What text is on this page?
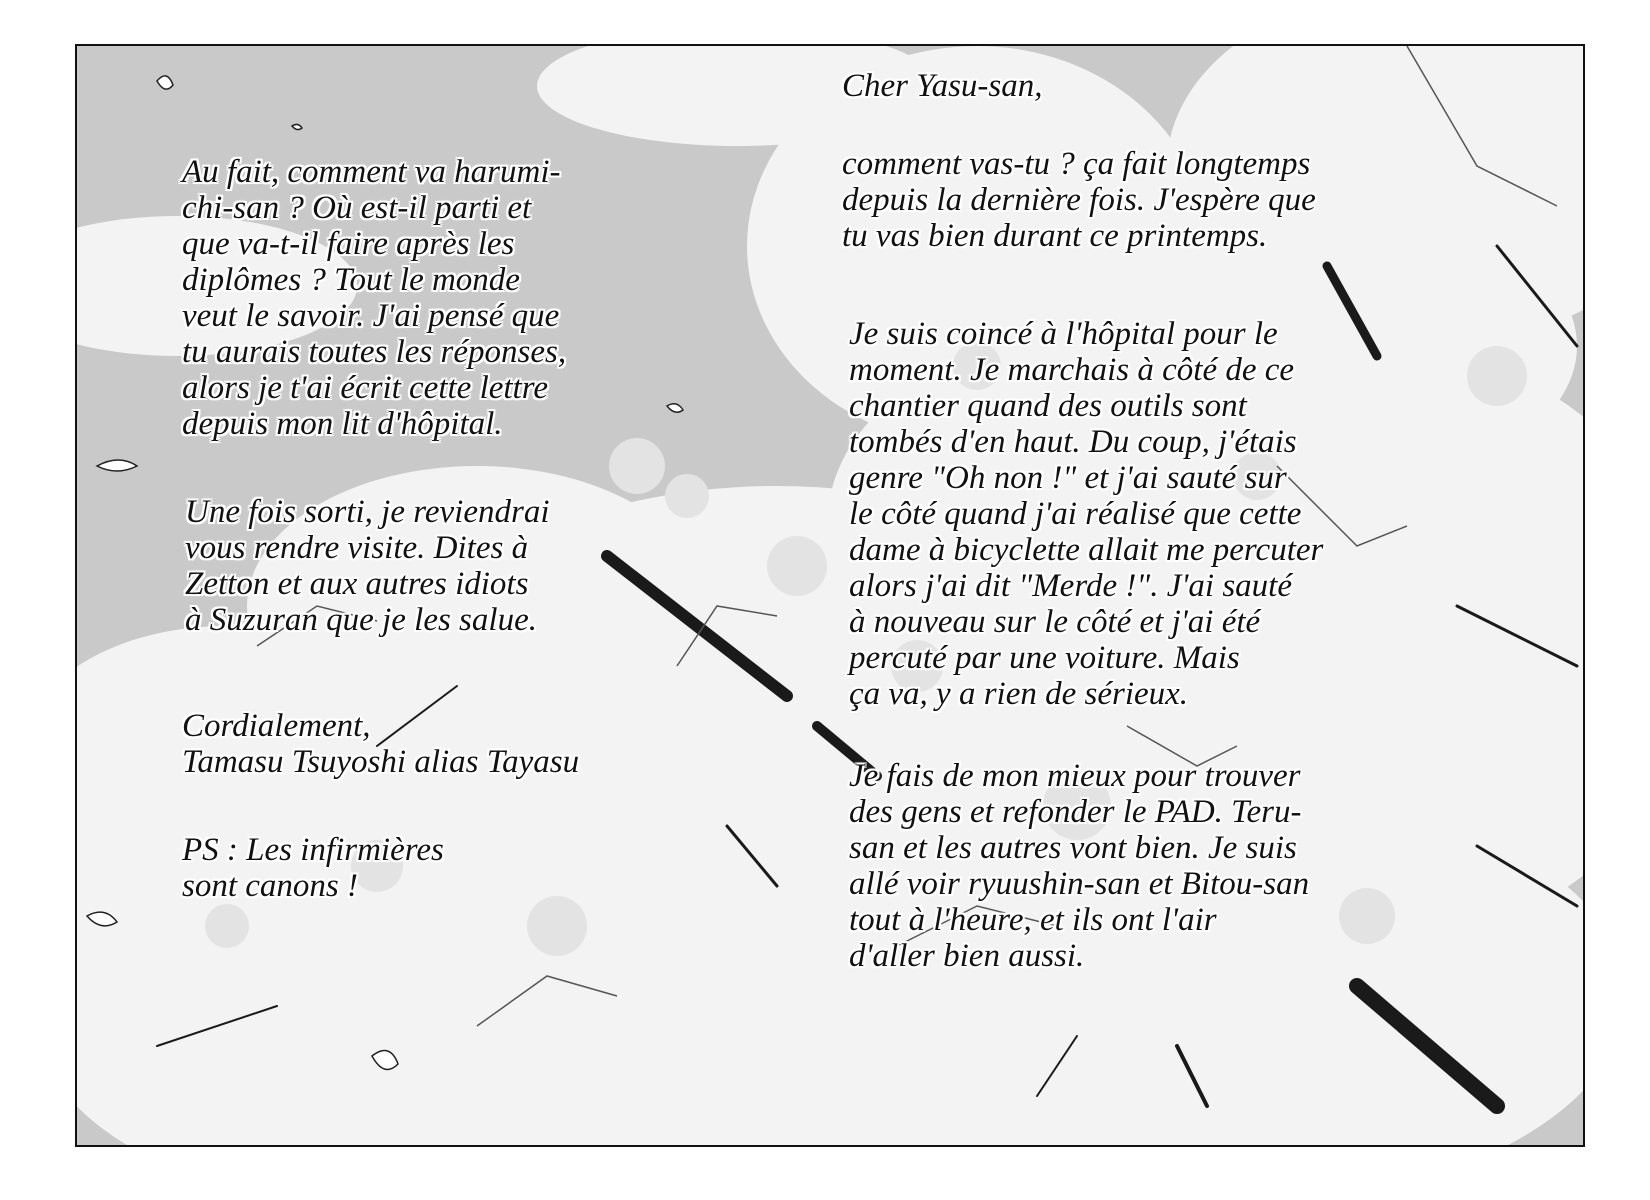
Cher Yasu-san,
comment vas-tu ? ça fait longtemps
depuis la dernière fois. J'espère que
tu vas bien durant ce printemps.
Je suis coincé à l'hôpital pour le
moment. Je marchais à côté de ce
chantier quand des outils sont
tombés d'en haut. Du coup, j'étais
genre "Oh non !" et j'ai sauté sur
le côté quand j'ai réalisé que cette
dame à bicyclette allait me percuter
alors j'ai dit "Merde !". J'ai sauté
à nouveau sur le côté et j'ai été
percuté par une voiture. Mais
ça va, y a rien de sérieux.
Je fais de mon mieux pour trouver
des gens et refonder le PAD. Teru-
san et les autres vont bien. Je suis
allé voir ryuushin-san et Bitou-san
tout à l'heure, et ils ont l'air
d'aller bien aussi.
Au fait, comment va harumi-
chi-san ? Où est-il parti et
que va-t-il faire après les
diplômes ? Tout le monde
veut le savoir. J'ai pensé que
tu aurais toutes les réponses,
alors je t'ai écrit cette lettre
depuis mon lit d'hôpital.
Une fois sorti, je reviendrai
vous rendre visite. Dites à
Zetton et aux autres idiots
à Suzuran que je les salue.
Cordialement,
Tamasu Tsuyoshi alias Tayasu
PS : Les infirmières
sont canons !
